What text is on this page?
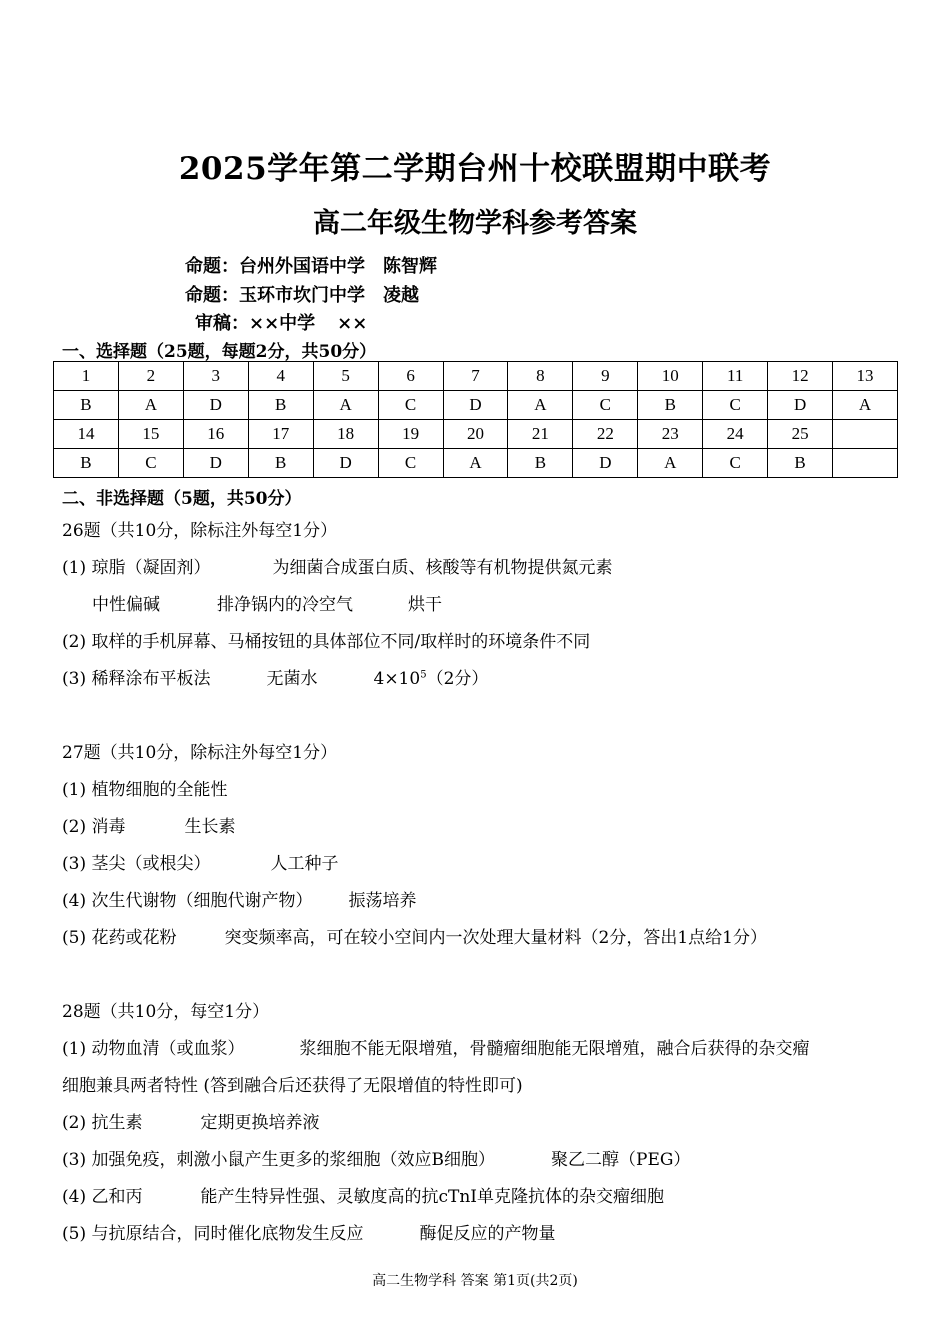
2025学年第二学期台州十校联盟期中联考
高二年级生物学科参考答案
命题：台州外国语中学 陈智辉
命题：玉环市坎门中学 凌越
审稿：××中学 ××
一、选择题（25题，每题2分，共50分）
1	2	3	4	5	6	7	8	9	10	11	12	13
B	A	D	B	A	C	D	A	C	B	C	D	A
14	15	16	17	18	19	20	21	22	23	24	25	
B	C	D	B	D	C	A	B	D	A	C	B	
二、非选择题（5题，共50分）
26题（共10分，除标注外每空1分）
(1) 琼脂（凝固剂）	为细菌合成蛋白质、核酸等有机物提供氮元素
中性偏碱	排净锅内的冷空气	烘干
(2) 取样的手机屏幕、马桶按钮的具体部位不同/取样时的环境条件不同
(3) 稀释涂布平板法	无菌水	$4\times 10^5(2$分）
27题（共10分，除标注外每空1分）
(1) 植物细胞的全能性
(2) 消毒	生长素
(3) 茎尖（或根尖）	人工种子
(4) 次生代谢物（细胞代谢产物） 振荡培养
(5) 花药或花粉	突变频率高，可在较小空间内一次处理大量材料（2分，答出1点给1分）
28题（共10分，每空1分）
(1) 动物血清（或血浆）	浆细胞不能无限增殖，骨髓瘤细胞能无限增殖，融合后获得的杂交瘤
细胞兼具两者特性 (答到融合后还获得了无限增值的特性即可)
(2) 抗生素	定期更换培养液
(3) 加强免疫，刺激小鼠产生更多的浆细胞（效应B细胞）	聚乙二醇（PEG）
(4) 乙和丙	能产生特异性强、灵敏度高的抗cTnI单克隆抗体的杂交瘤细胞
(5) 与抗原结合，同时催化底物发生反应	酶促反应的产物量
高二生物学科 答案 第1页(共2页)
